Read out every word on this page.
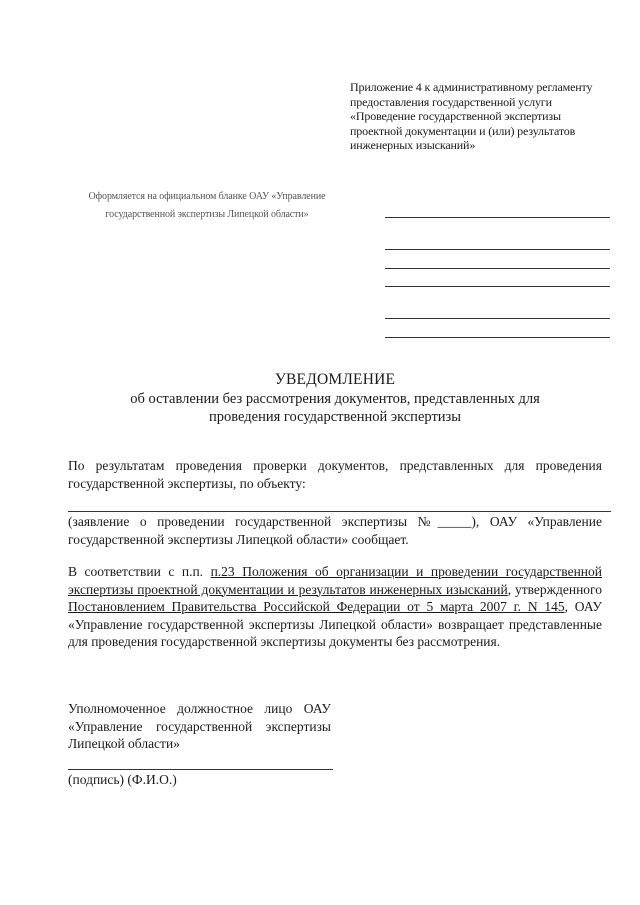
Приложение 4 к административному регламенту предоставления государственной услуги «Проведение государственной экспертизы проектной документации и (или) результатов инженерных изысканий»
Оформляется на официальном бланке ОАУ «Управление государственной экспертизы Липецкой области»
УВЕДОМЛЕНИЕ
об оставлении без рассмотрения документов, представленных для проведения государственной экспертизы
По результатам проведения проверки документов, представленных для проведения государственной экспертизы, по объекту:
(заявление о проведении государственной экспертизы №_____), ОАУ «Управление государственной экспертизы Липецкой области» сообщает.
В соответствии с п.п. п.23 Положения об организации и проведении государственной экспертизы проектной документации и результатов инженерных изысканий, утвержденного Постановлением Правительства Российской Федерации от 5 марта 2007 г. N 145, ОАУ «Управление государственной экспертизы Липецкой области» возвращает представленные для проведения государственной экспертизы документы без рассмотрения.
Уполномоченное должностное лицо ОАУ «Управление государственной экспертизы Липецкой области»
(подпись) (Ф.И.О.)
